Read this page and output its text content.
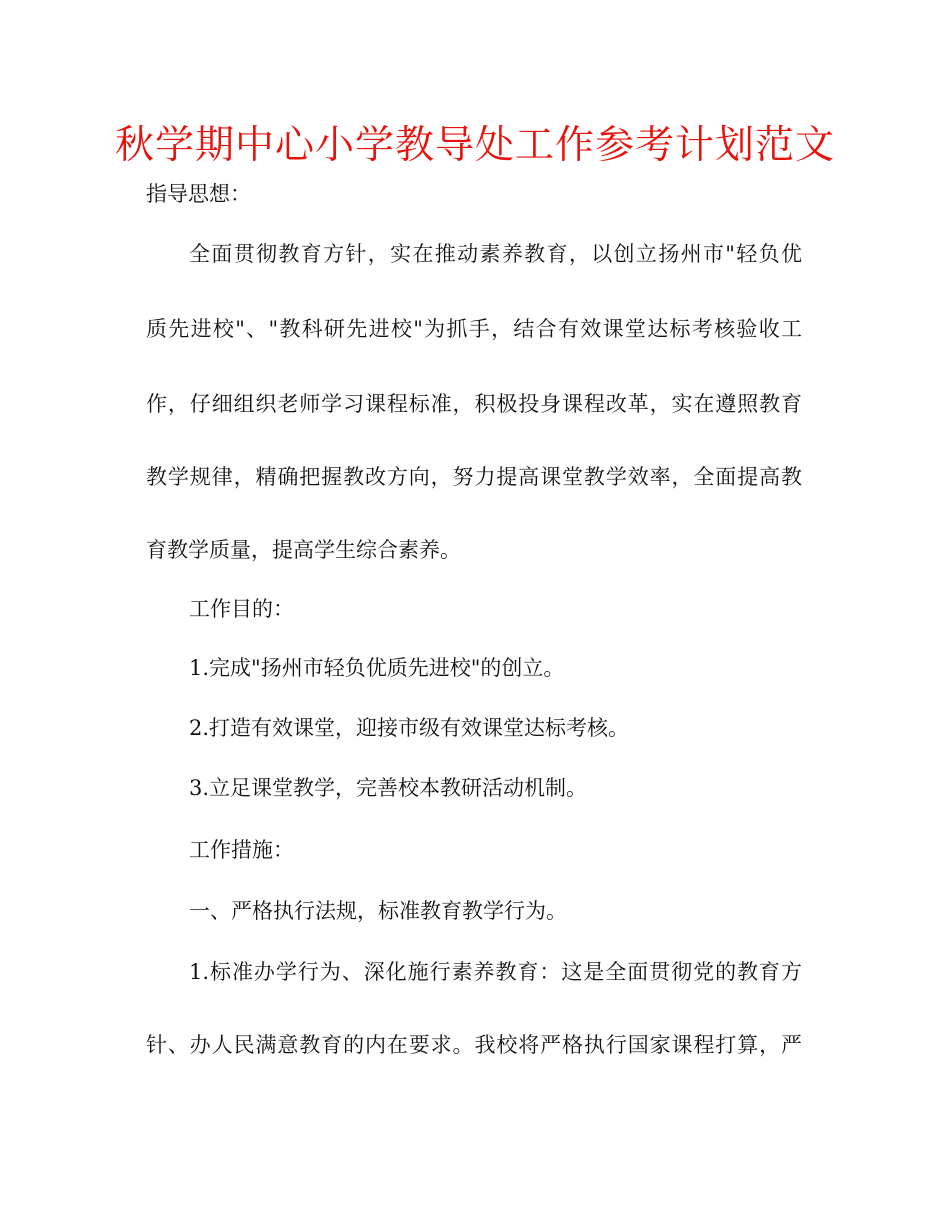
秋学期中心小学教导处工作参考计划范文
指导思想：
全面贯彻教育方针，实在推动素养教育，以创立扬州市"轻负优
质先进校"、"教科研先进校"为抓手，结合有效课堂达标考核验收工
作，仔细组织老师学习课程标准，积极投身课程改革，实在遵照教育
教学规律，精确把握教改方向，努力提高课堂教学效率，全面提高教
育教学质量，提高学生综合素养。
工作目的：
1.完成"扬州市轻负优质先进校"的创立。
2.打造有效课堂，迎接市级有效课堂达标考核。
3.立足课堂教学，完善校本教研活动机制。
工作措施：
一、严格执行法规，标准教育教学行为。
1.标准办学行为、深化施行素养教育：这是全面贯彻党的教育方
针、办人民满意教育的内在要求。我校将严格执行国家课程打算，严
